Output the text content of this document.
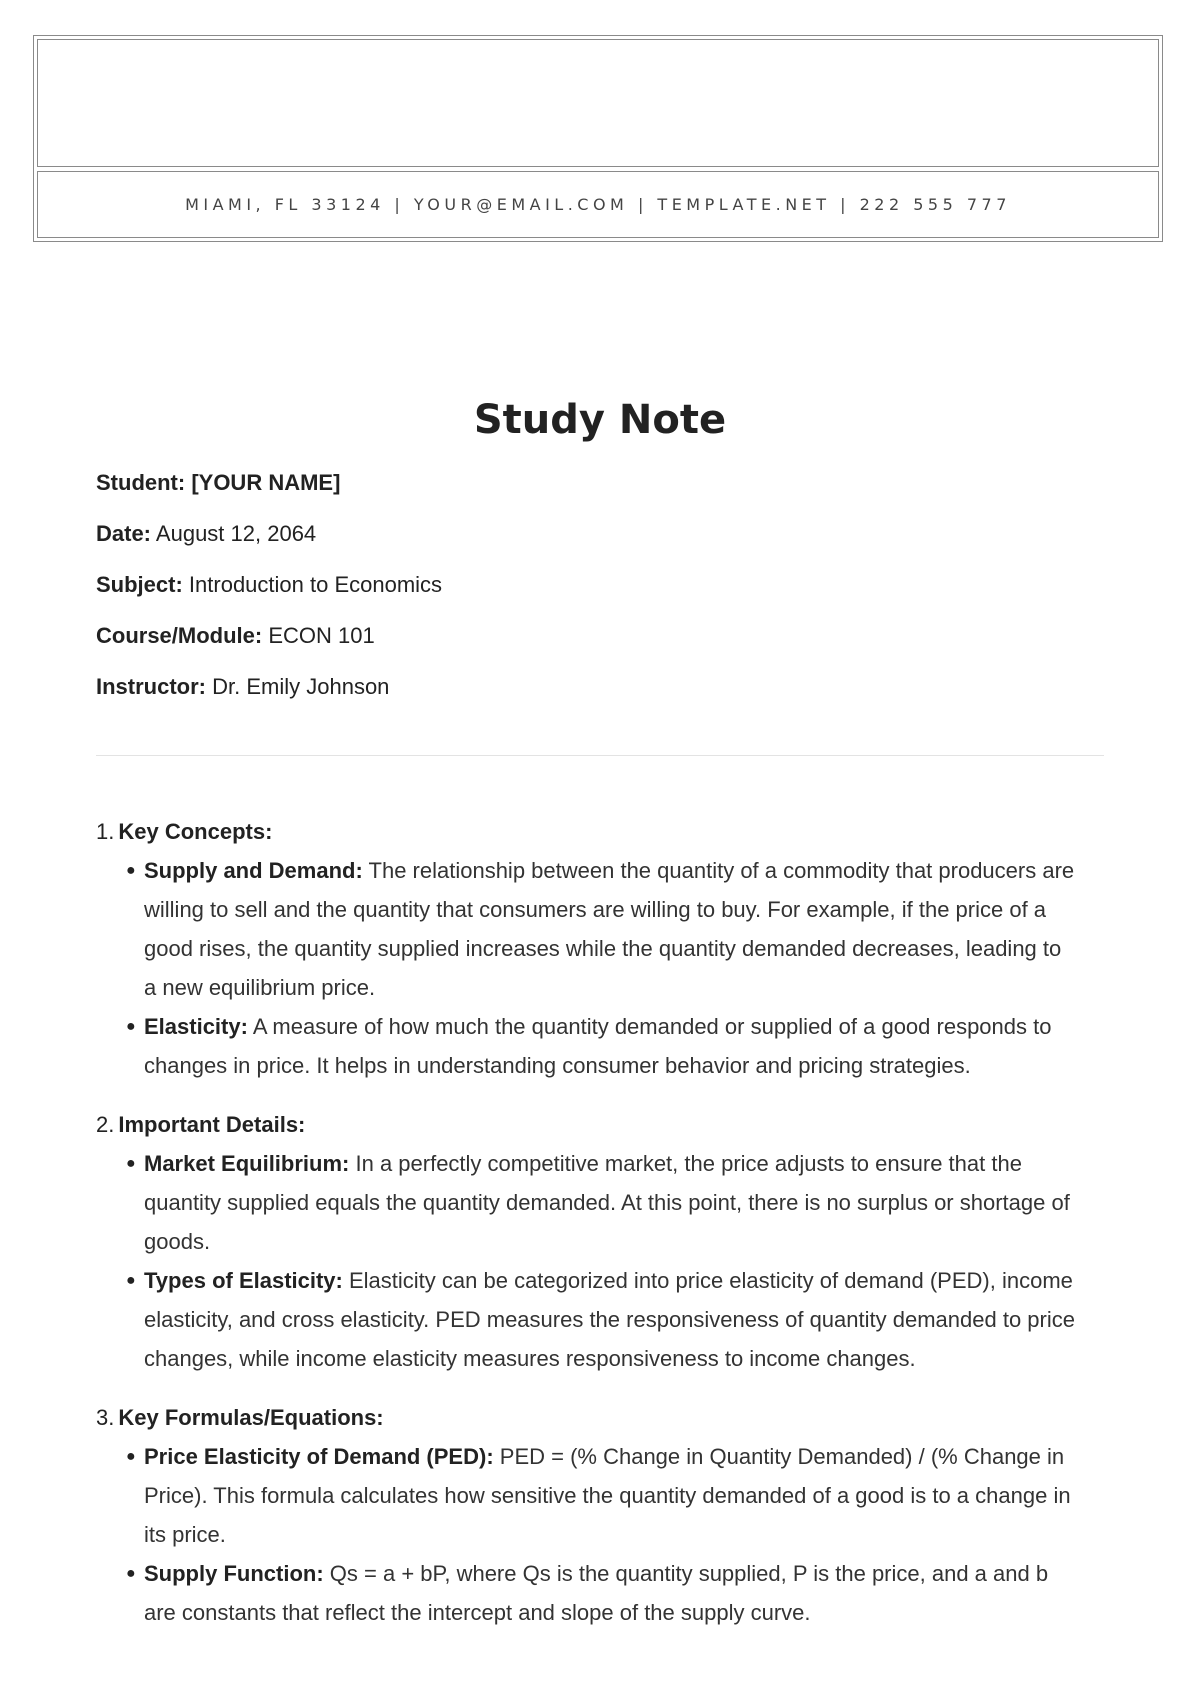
MIAMI, FL 33124 | YOUR@EMAIL.COM | TEMPLATE.NET | 222 555 777
Study Note
Student: [YOUR NAME]
Date: August 12, 2064
Subject: Introduction to Economics
Course/Module: ECON 101
Instructor: Dr. Emily Johnson
1. Key Concepts:
● Supply and Demand: The relationship between the quantity of a commodity that producers are willing to sell and the quantity that consumers are willing to buy. For example, if the price of a good rises, the quantity supplied increases while the quantity demanded decreases, leading to a new equilibrium price.
● Elasticity: A measure of how much the quantity demanded or supplied of a good responds to changes in price. It helps in understanding consumer behavior and pricing strategies.
2. Important Details:
● Market Equilibrium: In a perfectly competitive market, the price adjusts to ensure that the quantity supplied equals the quantity demanded. At this point, there is no surplus or shortage of goods.
● Types of Elasticity: Elasticity can be categorized into price elasticity of demand (PED), income elasticity, and cross elasticity. PED measures the responsiveness of quantity demanded to price changes, while income elasticity measures responsiveness to income changes.
3. Key Formulas/Equations:
● Price Elasticity of Demand (PED): PED = (% Change in Quantity Demanded) / (% Change in Price). This formula calculates how sensitive the quantity demanded of a good is to a change in its price.
● Supply Function: Qs = a + bP, where Qs is the quantity supplied, P is the price, and a and b are constants that reflect the intercept and slope of the supply curve.
